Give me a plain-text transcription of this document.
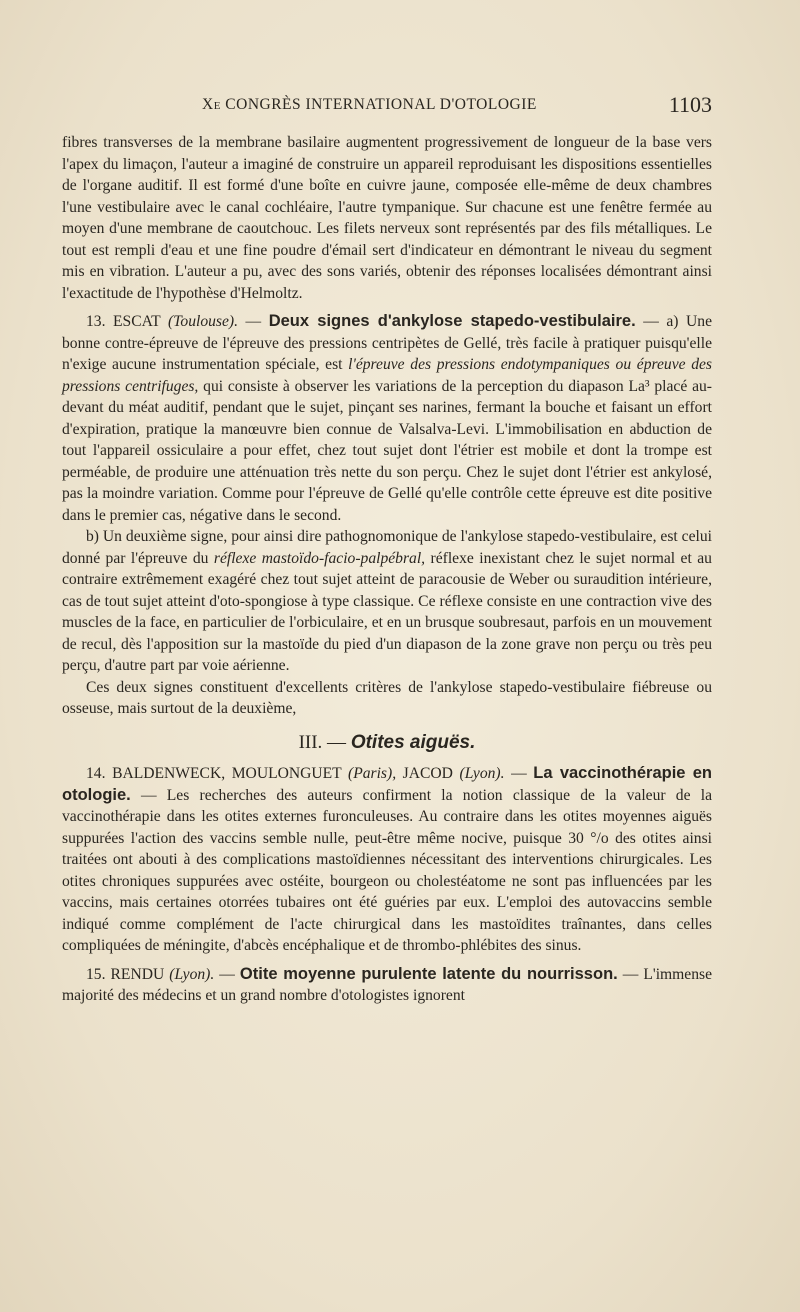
Xe CONGRÈS INTERNATIONAL D'OTOLOGIE	1103

fibres transverses de la membrane basilaire augmentent progressivement de longueur de la base vers l'apex du limaçon, l'auteur a imaginé de construire un appareil reproduisant les dispositions essentielles de l'organe auditif. Il est formé d'une boîte en cuivre jaune, composée elle-même de deux chambres l'une vestibulaire avec le canal cochléaire, l'autre tympanique. Sur chacune est une fenêtre fermée au moyen d'une membrane de caoutchouc. Les filets nerveux sont représentés par des fils métalliques. Le tout est rempli d'eau et une fine poudre d'émail sert d'indicateur en démontrant le niveau du segment mis en vibration. L'auteur a pu, avec des sons variés, obtenir des réponses localisées démontrant ainsi l'exactitude de l'hypothèse d'Helmoltz.

13. ESCAT (Toulouse). — Deux signes d'ankylose stapedo-vestibulaire. — a) Une bonne contre-épreuve de l'épreuve des pressions centripètes de Gellé, très facile à pratiquer puisqu'elle n'exige aucune instrumentation spéciale, est l'épreuve des pressions endotympaniques ou épreuve des pressions centrifuges, qui consiste à observer les variations de la perception du diapason La³ placé au-devant du méat auditif, pendant que le sujet, pinçant ses narines, fermant la bouche et faisant un effort d'expiration, pratique la manœuvre bien connue de Valsalva-Levi. L'immobilisation en abduction de tout l'appareil ossiculaire a pour effet, chez tout sujet dont l'étrier est mobile et dont la trompe est perméable, de produire une atténuation très nette du son perçu. Chez le sujet dont l'étrier est ankylosé, pas la moindre variation. Comme pour l'épreuve de Gellé qu'elle contrôle cette épreuve est dite positive dans le premier cas, négative dans le second.

b) Un deuxième signe, pour ainsi dire pathognomonique de l'ankylose stapedo-vestibulaire, est celui donné par l'épreuve du réflexe mastoïdo-facio-palpébral, réflexe inexistant chez le sujet normal et au contraire extrêmement exagéré chez tout sujet atteint de paracousie de Weber ou suraudition intérieure, cas de tout sujet atteint d'oto-spongiose à type classique. Ce réflexe consiste en une contraction vive des muscles de la face, en particulier de l'orbiculaire, et en un brusque soubresaut, parfois en un mouvement de recul, dès l'apposition sur la mastoïde du pied d'un diapason de la zone grave non perçu ou très peu perçu, d'autre part par voie aérienne.

Ces deux signes constituent d'excellents critères de l'ankylose stapedo-vestibulaire fiébreuse ou osseuse, mais surtout de la deuxième,

III. — Otites aiguës.

14. BALDENWECK, MOULONGUET (Paris), JACOD (Lyon). — La vaccinothérapie en otologie. — Les recherches des auteurs confirment la notion classique de la valeur de la vaccinothérapie dans les otites externes furonculeuses. Au contraire dans les otites moyennes aiguës suppurées l'action des vaccins semble nulle, peut-être même nocive, puisque 30 °/o des otites ainsi traitées ont abouti à des complications mastoïdiennes nécessitant des interventions chirurgicales. Les otites chroniques suppurées avec ostéite, bourgeon ou cholestéatome ne sont pas influencées par les vaccins, mais certaines otorrées tubaires ont été guéries par eux. L'emploi des autovaccins semble indiqué comme complément de l'acte chirurgical dans les mastoïdites traînantes, dans celles compliquées de méningite, d'abcès encéphalique et de thrombo-phlébites des sinus.

15. RENDU (Lyon). — Otite moyenne purulente latente du nourrisson. — L'immense majorité des médecins et un grand nombre d'otologistes ignorent
